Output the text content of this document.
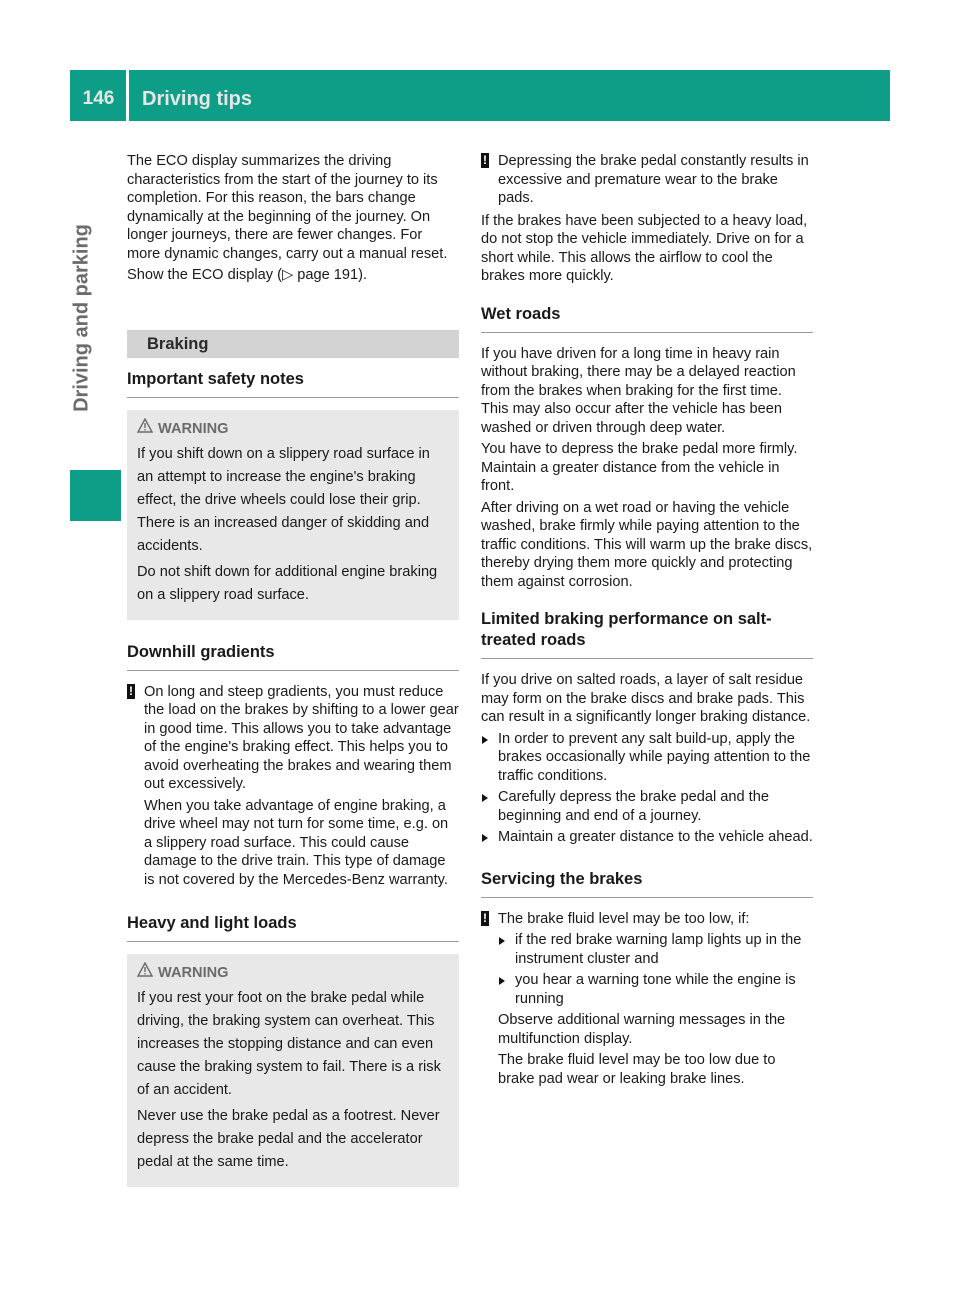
146	Driving tips
Driving and parking

The ECO display summarizes the driving characteristics from the start of the journey to its completion. For this reason, the bars change dynamically at the beginning of the journey. On longer journeys, there are fewer changes. For more dynamic changes, carry out a manual reset.

Show the ECO display (▷ page 191).

Braking
Important safety notes
WARNING

If you shift down on a slippery road surface in an attempt to increase the engine's braking effect, the drive wheels could lose their grip. There is an increased danger of skidding and accidents.

Do not shift down for additional engine braking on a slippery road surface.

Downhill gradients
! On long and steep gradients, you must reduce the load on the brakes by shifting to a lower gear in good time. This allows you to take advantage of the engine's braking effect. This helps you to avoid overheating the brakes and wearing them out excessively.

When you take advantage of engine braking, a drive wheel may not turn for some time, e.g. on a slippery road surface. This could cause damage to the drive train. This type of damage is not covered by the Mercedes-Benz warranty.

Heavy and light loads
WARNING

If you rest your foot on the brake pedal while driving, the braking system can overheat. This increases the stopping distance and can even cause the braking system to fail. There is a risk of an accident.

Never use the brake pedal as a footrest. Never depress the brake pedal and the accelerator pedal at the same time.

! Depressing the brake pedal constantly results in excessive and premature wear to the brake pads.

If the brakes have been subjected to a heavy load, do not stop the vehicle immediately. Drive on for a short while. This allows the airflow to cool the brakes more quickly.

Wet roads

If you have driven for a long time in heavy rain without braking, there may be a delayed reaction from the brakes when braking for the first time. This may also occur after the vehicle has been washed or driven through deep water.

You have to depress the brake pedal more firmly. Maintain a greater distance from the vehicle in front.

After driving on a wet road or having the vehicle washed, brake firmly while paying attention to the traffic conditions. This will warm up the brake discs, thereby drying them more quickly and protecting them against corrosion.

Limited braking performance on salt-treated roads

If you drive on salted roads, a layer of salt residue may form on the brake discs and brake pads. This can result in a significantly longer braking distance.

In order to prevent any salt build-up, apply the brakes occasionally while paying attention to the traffic conditions.
Carefully depress the brake pedal and the beginning and end of a journey.
Maintain a greater distance to the vehicle ahead.
Servicing the brakes
! The brake fluid level may be too low, if:

if the red brake warning lamp lights up in the instrument cluster and
you hear a warning tone while the engine is running

Observe additional warning messages in the multifunction display.

The brake fluid level may be too low due to brake pad wear or leaking brake lines.
